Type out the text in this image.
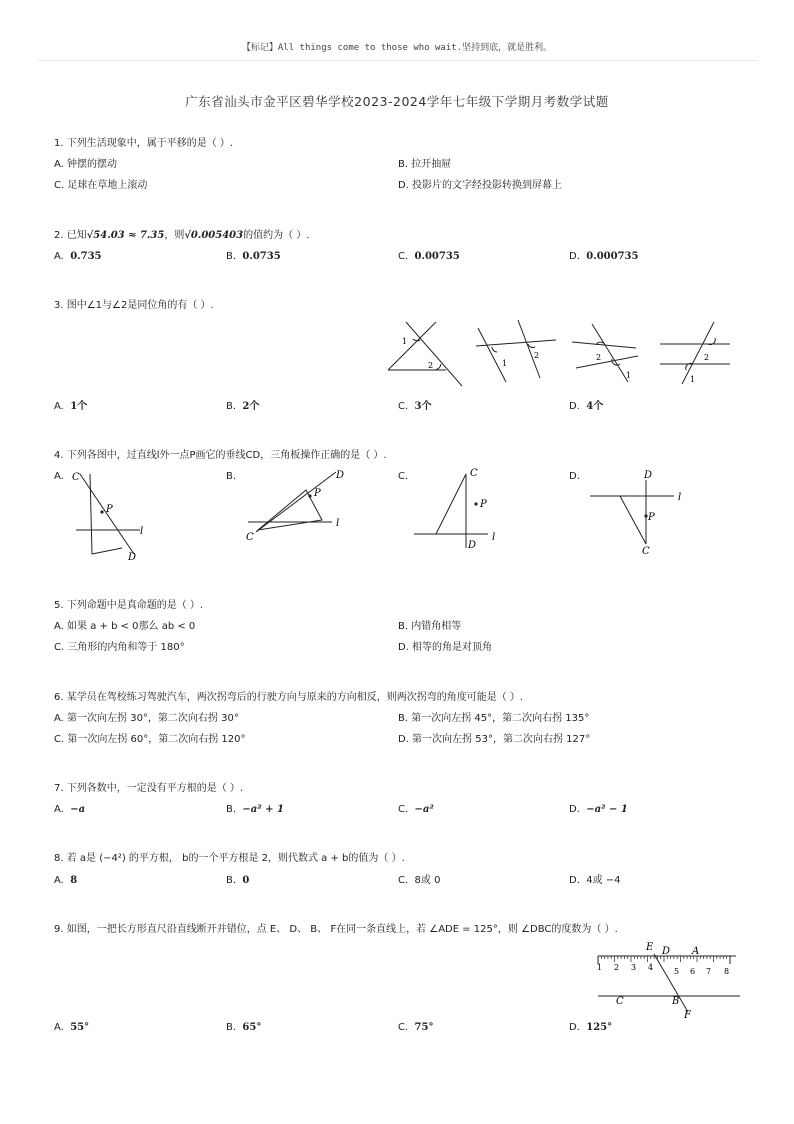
【标记】All things come to those who wait.坚持到底，就是胜利。
广东省汕头市金平区碧华学校2023-2024学年七年级下学期月考数学试题
1. 下列生活现象中，属于平移的是（ ）.
A. 钟摆的摆动	B. 拉开抽屉
C. 足球在草地上滚动	D. 投影片的文字经投影转换到屏幕上
2. 已知√54.03 ≈ 7.35，则√0.005403的值约为（ ）.
A. 0.735	B. 0.0735	C. 0.00735	D. 0.000735
3. 图中∠1与∠2是同位角的有（ ）.
1
2	1
2	2
1
2
1
A. 1个	B. 2个	C. 3个	D. 4个
4. 下列各图中，过直线l外一点P画它的垂线CD，三角板操作正确的是（ ）.
A.	B.	C.	D.
C
P
l
D
D
P
l
C
C
P
l
D
D
l
P
C
5. 下列命题中是真命题的是（ ）.
A. 如果 a + b < 0那么 ab < 0	B. 内错角相等
C. 三角形的内角和等于 180°	D. 相等的角是对顶角
6. 某学员在驾校练习驾驶汽车，两次拐弯后的行驶方向与原来的方向相反，则两次拐弯的角度可能是（ ）.
A. 第一次向左拐 30°，第二次向右拐 30°	B. 第一次向左拐 45°，第二次向右拐 135°
C. 第一次向左拐 60°，第二次向右拐 120°	D. 第一次向左拐 53°，第二次向右拐 127°
7. 下列各数中，一定没有平方根的是（ ）.
A. −a	B. −a² + 1	C. −a²	D. −a² − 1
8. 若 a是 (−4²) 的平方根， b的一个平方根是 2，则代数式 a + b的值为（ ）.
A. 8	B. 0	C. 8或 0	D. 4或 −4
9. 如图，一把长方形直尺沿直线断开并错位，点 E、 D、 B、 F在同一条直线上，若 ∠ADE = 125°，则 ∠DBC的度数为（ ）.
E D A
C	B
F
1 2 3 4	5 6 7 8
A. 55°	B. 65°	C. 75°	D. 125°
